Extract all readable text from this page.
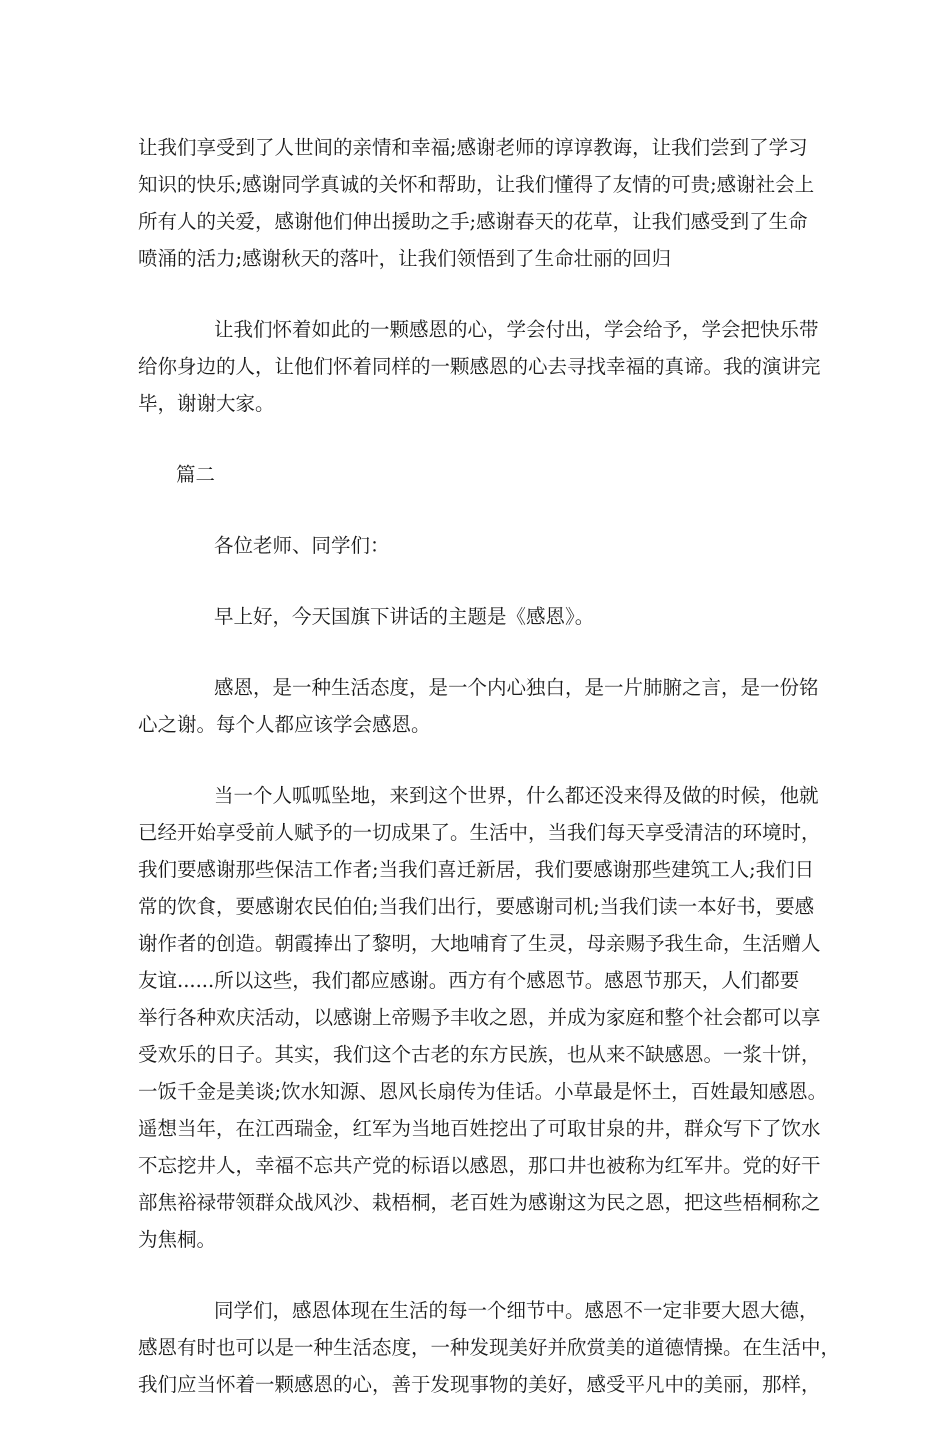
让我们享受到了人世间的亲情和幸福;感谢老师的谆谆教诲，让我们尝到了学习
知识的快乐;感谢同学真诚的关怀和帮助，让我们懂得了友情的可贵;感谢社会上
所有人的关爱，感谢他们伸出援助之手;感谢春天的花草，让我们感受到了生命
喷涌的活力;感谢秋天的落叶，让我们领悟到了生命壮丽的回归
让我们怀着如此的一颗感恩的心，学会付出，学会给予，学会把快乐带
给你身边的人，让他们怀着同样的一颗感恩的心去寻找幸福的真谛。我的演讲完
毕，谢谢大家。
篇二
各位老师、同学们：
早上好，今天国旗下讲话的主题是《感恩》。
感恩，是一种生活态度，是一个内心独白，是一片肺腑之言，是一份铭
心之谢。每个人都应该学会感恩。
当一个人呱呱坠地，来到这个世界，什么都还没来得及做的时候，他就
已经开始享受前人赋予的一切成果了。生活中，当我们每天享受清洁的环境时，
我们要感谢那些保洁工作者;当我们喜迁新居，我们要感谢那些建筑工人;我们日
常的饮食，要感谢农民伯伯;当我们出行，要感谢司机;当我们读一本好书，要感
谢作者的创造。朝霞捧出了黎明，大地哺育了生灵，母亲赐予我生命，生活赠人
友谊......所以这些，我们都应感谢。西方有个感恩节。感恩节那天，人们都要
举行各种欢庆活动，以感谢上帝赐予丰收之恩，并成为家庭和整个社会都可以享
受欢乐的日子。其实，我们这个古老的东方民族，也从来不缺感恩。一浆十饼，
一饭千金是美谈;饮水知源、恩风长扇传为佳话。小草最是怀土，百姓最知感恩。
遥想当年，在江西瑞金，红军为当地百姓挖出了可取甘泉的井，群众写下了饮水
不忘挖井人，幸福不忘共产党的标语以感恩，那口井也被称为红军井。党的好干
部焦裕禄带领群众战风沙、栽梧桐，老百姓为感谢这为民之恩，把这些梧桐称之
为焦桐。
同学们，感恩体现在生活的每一个细节中。感恩不一定非要大恩大德，
感恩有时也可以是一种生活态度，一种发现美好并欣赏美的道德情操。在生活中，
我们应当怀着一颗感恩的心，善于发现事物的美好，感受平凡中的美丽，那样，
